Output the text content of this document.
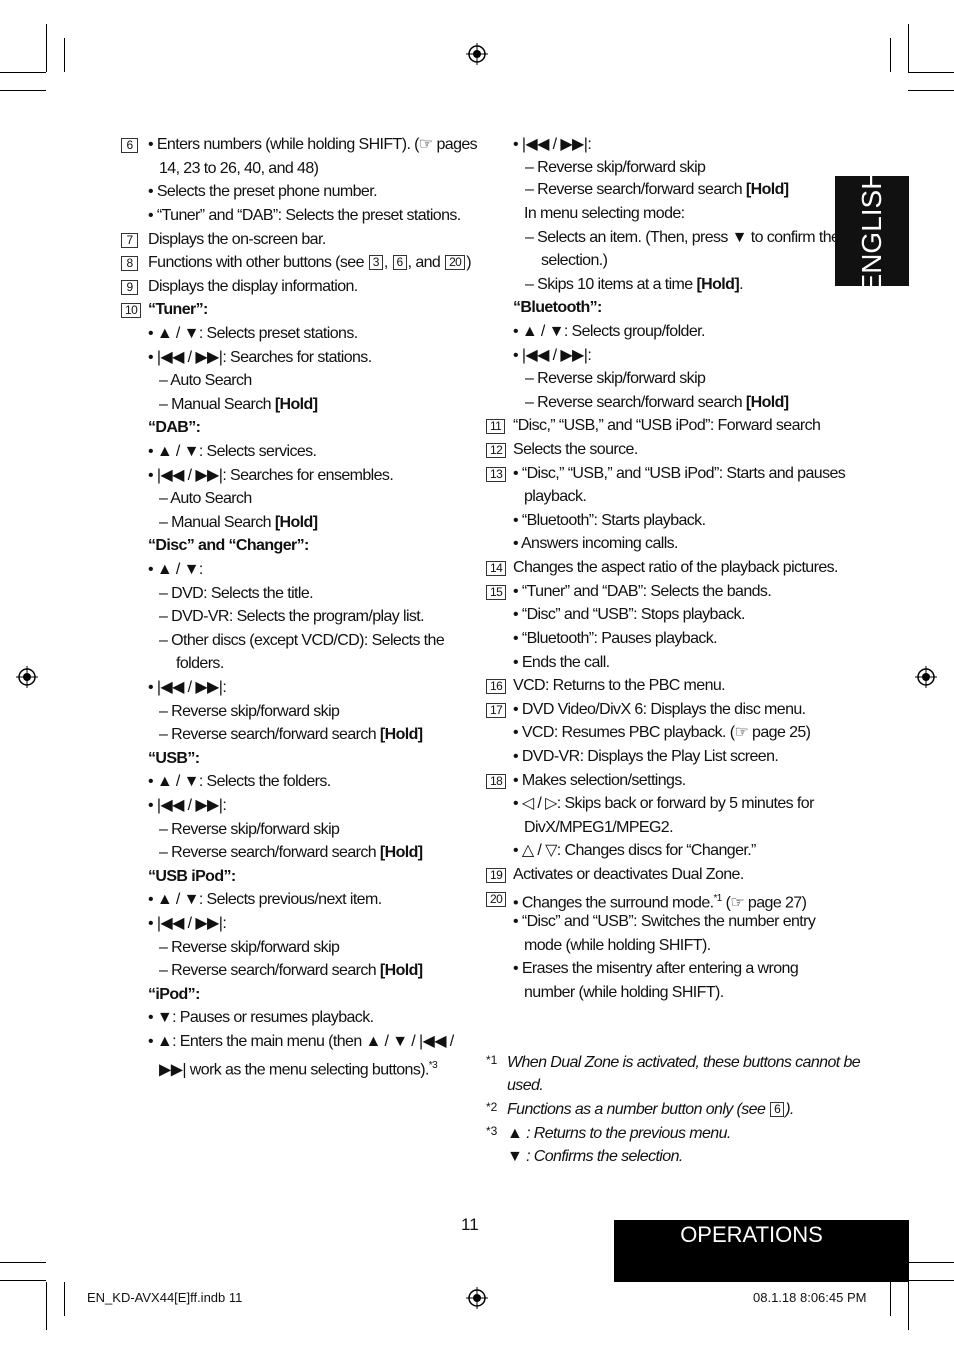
ENGLISH
6 • Enters numbers (while holding SHIFT). (☞ pages
14, 23 to 26, 40, and 48)
• Selects the preset phone number.
• “Tuner” and “DAB”: Selects the preset stations.
7 Displays the on-screen bar.
8 Functions with other buttons (see 3 , 6 , and 20 )
9 Displays the display information.
10 “Tuner”:
• ▲ / ▼: Selects preset stations.
• |◀◀ / ▶▶|: Searches for stations.
– Auto Search
– Manual Search [Hold]
“DAB”:
• ▲ / ▼: Selects services.
• |◀◀ / ▶▶|: Searches for ensembles.
– Auto Search
– Manual Search [Hold]
“Disc” and “Changer”:
• ▲ / ▼:
– DVD: Selects the title.
– DVD-VR: Selects the program/play list.
– Other discs (except VCD/CD): Selects the
folders.
• |◀◀ / ▶▶|:
– Reverse skip/forward skip
– Reverse search/forward search [Hold]
“USB”:
• ▲ / ▼: Selects the folders.
• |◀◀ / ▶▶|:
– Reverse skip/forward skip
– Reverse search/forward search [Hold]
“USB iPod”:
• ▲ / ▼: Selects previous/next item.
• |◀◀ / ▶▶|:
– Reverse skip/forward skip
– Reverse search/forward search [Hold]
“iPod”:
• ▼: Pauses or resumes playback.
• ▲: Enters the main menu (then ▲ / ▼ / |◀◀ /
▶▶| work as the menu selecting buttons).$^{*3}$
• |◀◀ / ▶▶|:
– Reverse skip/forward skip
– Reverse search/forward search [Hold]
In menu selecting mode:
– Selects an item. (Then, press ▼ to confirm the
selection.)
– Skips 10 items at a time [Hold].
“Bluetooth”:
• ▲ / ▼: Selects group/folder.
• |◀◀ / ▶▶|:
– Reverse skip/forward skip
– Reverse search/forward search [Hold]
11 “Disc,” “USB,” and “USB iPod”: Forward search
12 Selects the source.
13 • “Disc,” “USB,” and “USB iPod”: Starts and pauses
playback.
• “Bluetooth”: Starts playback.
• Answers incoming calls.
14 Changes the aspect ratio of the playback pictures.
15 • “Tuner” and “DAB”: Selects the bands.
• “Disc” and “USB”: Stops playback.
• “Bluetooth”: Pauses playback.
• Ends the call.
16 VCD: Returns to the PBC menu.
17 • DVD Video/DivX 6: Displays the disc menu.
• VCD: Resumes PBC playback. (☞ page 25)
• DVD-VR: Displays the Play List screen.
18 • Makes selection/settings.
• ◁ / ▷: Skips back or forward by 5 minutes for
DivX/MPEG1/MPEG2.
• △ / ▽: Changes discs for “Changer.”
19 Activates or deactivates Dual Zone.
20 • Changes the surround mode.$^{*1}$ (☞ page 27)
• “Disc” and “USB”: Switches the number entry
mode (while holding SHIFT).
• Erases the misentry after entering a wrong
number (while holding SHIFT).
*1 When Dual Zone is activated, these buttons cannot be
used.
*2 Functions as a number button only (see 6 ).
*3 ▲ : Returns to the previous menu.
▼ : Confirms the selection.
11	OPERATIONS
EN_KD-AVX44[E]ff.indb 11	08.1.18 8:06:45 PM
